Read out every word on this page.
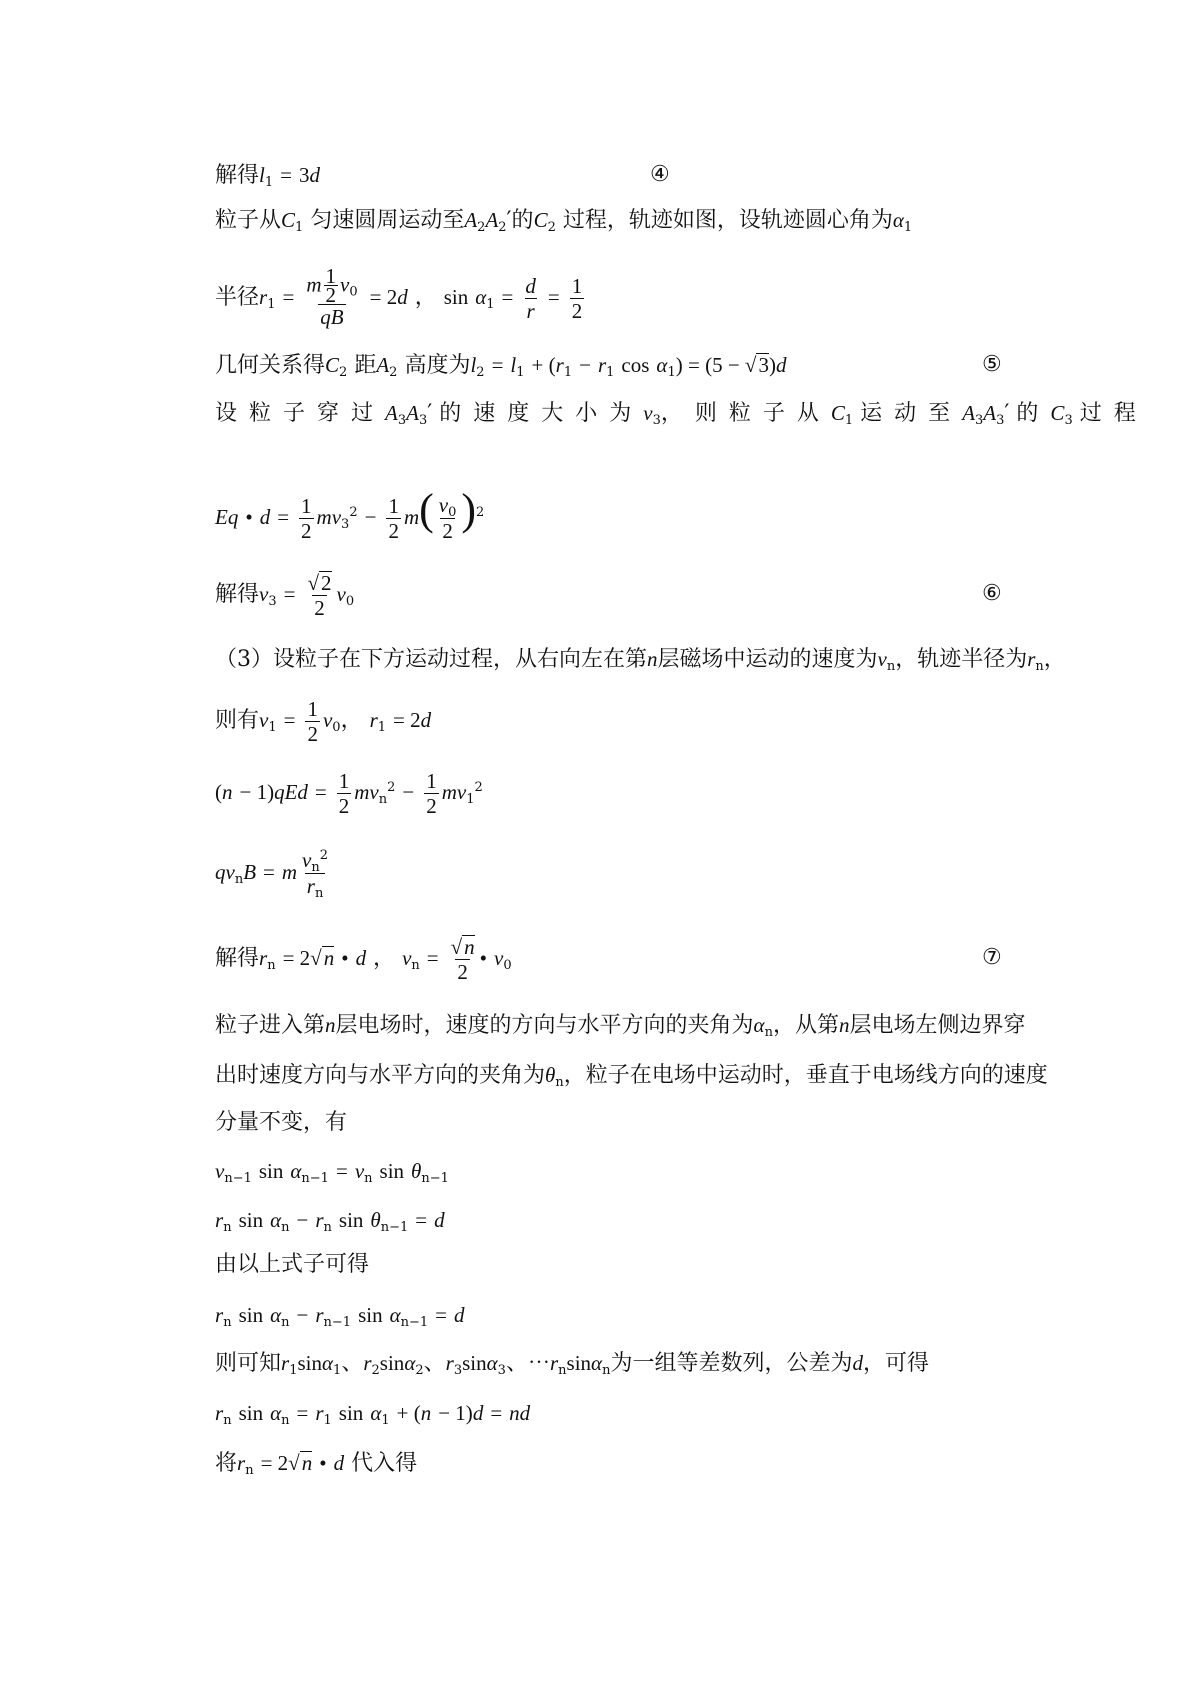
解得$l_1 = 3d$	④
粒子从$C_1$ 匀速圆周运动至$A_2A_2'$的$C_2$ 过程，轨迹如图，设轨迹圆心角为$\alpha_1$
半径$r_1 = \frac{m \frac{1}{2} v_0}{qB} = 2d$ ， $\sin \alpha_1 = \frac{d}{r} = \frac{1}{2}$
几何关系得$C_2$ 距$A_2$ 高度为$l_2 = l_1 + (r_1 - r_1$ $\cos \alpha_1) = (5 - √3)d$	⑤
设粒子穿过$A_3A_3'$ 的速度大小为$v_3$，则粒子从$C_1$ 运动至$A_3A_3'$ 的$C_3$ 过程
Eq • $d = \frac{1}{2} mv_3^2 - \frac{1}{2} m( \frac{v_0}{2} )^2$
解得$v_3 = \frac{√2}{2} v_0$	⑥
（3）设粒子在下方运动过程，从右向左在第n层磁场中运动的速度为$v_n$，轨迹半径为$r_n$，
则有$v_1 = \frac{1}{2} v_0$， $r_1 = 2d$
$(n - 1)qEd = \frac{1}{2} mv_n^2 - \frac{1}{2} mv_1^2$
$qv_nB = m \frac{v_n^2}{r_n}$
解得$r_n = 2√n$ • d ， $v_n = \frac{√n}{2}$ • $v_0$	⑦
粒子进入第n层电场时，速度的方向与水平方向的夹角为$\alpha_n$，从第n层电场左侧边界穿
出时速度方向与水平方向的夹角为$\theta_n$，粒子在电场中运动时，垂直于电场线方向的速度
分量不变，有
$v_{n-1}$ $\sin \alpha_{n-1} = v_n$ $\sin \theta_{n-1}$
$r_n$ $\sin \alpha_n - r_n$ $\sin \theta_{n-1} = d$
由以上式子可得
$r_n$ $\sin \alpha_n - r_{n-1}$ $\sin \alpha_{n-1} = d$
则可知$r_1\sin\alpha_1$、$r_2\sin\alpha_2$、$r_3\sin\alpha_3$、$\cdots r_n\sin\alpha_n$为一组等差数列，公差为d，可得
$r_n$ $\sin \alpha_n = r_1$ $\sin \alpha_1 + (n - 1)d$ = nd
将$r_n = 2√n$ • d 代入得
